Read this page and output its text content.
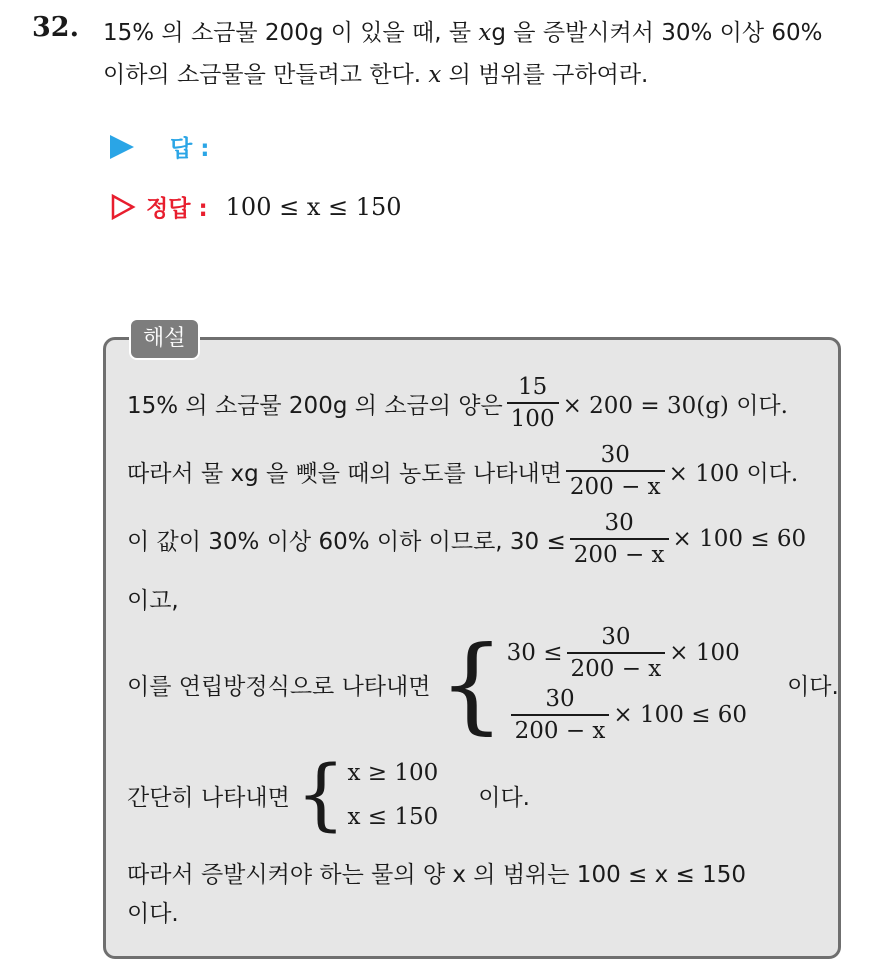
32. 15% 의 소금물 200g 이 있을 때, 물 xg 을 증발시켜서 30% 이상 60%
이하의 소금물을 만들려고 한다. x 의 범위를 구하여라.
답 :
정답 : 100 ≤ x ≤ 150
해설
15% 의 소금물 200g 의 소금의 양은 $\frac{15}{100} \times 200 = 30(g)$ 이다.
따라서 물 xg 을 뺏을 때의 농도를 나타내면 $\frac{30}{200 - x} \times 100$ 이다.
이 값이 30% 이상 60% 이하 이므로, $30 \le \frac{30}{200 - x} \times 100 \le 60$
이고,
이를 연립방정식으로 나타내면 { $30 \le \frac{30}{200 - x} \times 100$
$\frac{30}{200 - x} \times 100 \le 60$
이다.
간단히 나타내면 { x ≥ 100
x ≤ 150
이다.
따라서 증발시켜야 하는 물의 양 x 의 범위는 100 ≤ x ≤ 150
이다.
